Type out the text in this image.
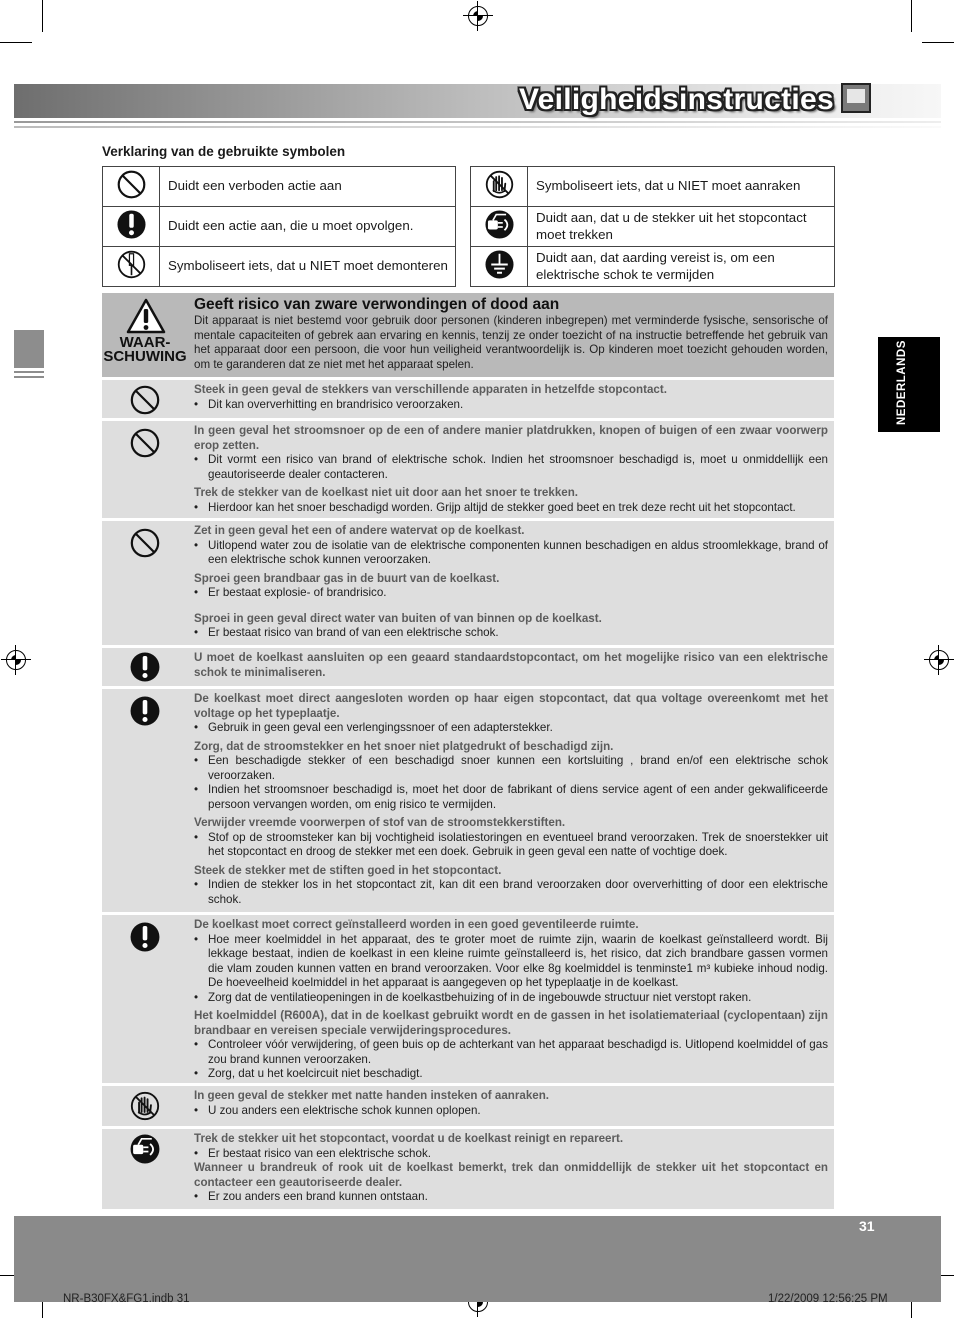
Veiligheidsinstructies
NEDERLANDS
Verklaring van de gebruikte symbolen
	Duidt een verboden actie aan
	Duidt een actie aan, die u moet opvolgen.
	Symboliseert iets, dat u NIET moet demonteren
	Symboliseert iets, dat u NIET moet aanraken
	Duidt aan, dat u de stekker uit het stopcontact moet trekken
	Duidt aan, dat aarding vereist is, om een elektrische schok te vermijden
WAAR-
SCHUWING
Geeft risico van zware verwondingen of dood aan
Dit apparaat is niet bestemd voor gebruik door personen (kinderen inbegrepen) met verminderde fysische, sensorische of mentale capaciteiten of gebrek aan ervaring en kennis, tenzij ze onder toezicht of na instructie betreffende het gebruik van het apparaat door een persoon, die voor hun veiligheid verantwoordelijk is. Op kinderen moet toezicht gehouden worden, om te garanderen dat ze niet met het apparaat spelen.
Steek in geen geval de stekkers van verschillende apparaten in hetzelfde stopcontact.
• Dit kan oververhitting en brandrisico veroorzaken.
In geen geval het stroomsnoer op de een of andere manier platdrukken, knopen of buigen of een zwaar voorwerp erop zetten.
• Dit vormt een risico van brand of elektrische schok. Indien het stroomsnoer beschadigd is, moet u onmiddellijk een geautoriseerde dealer contacteren.
Trek de stekker van de koelkast niet uit door aan het snoer te trekken.
• Hierdoor kan het snoer beschadigd worden. Grijp altijd de stekker goed beet en trek deze recht uit het stopcontact.
Zet in geen geval het een of andere watervat op de koelkast.
• Uitlopend water zou de isolatie van de elektrische componenten kunnen beschadigen en aldus stroomlekkage, brand of een elektrische schok kunnen veroorzaken.
Sproei geen brandbaar gas in de buurt van de koelkast.
• Er bestaat explosie- of brandrisico.
Sproei in geen geval direct water van buiten of van binnen op de koelkast.
• Er bestaat risico van brand of van een elektrische schok.
U moet de koelkast aansluiten op een geaard standaardstopcontact, om het mogelijke risico van een elektrische schok te minimaliseren.
De koelkast moet direct aangesloten worden op haar eigen stopcontact, dat qua voltage overeenkomt met het voltage op het typeplaatje.
• Gebruik in geen geval een verlengingssnoer of een adapterstekker.
Zorg, dat de stroomstekker en het snoer niet platgedrukt of beschadigd zijn.
• Een beschadigde stekker of een beschadigd snoer kunnen een kortsluiting , brand en/of een elektrische schok veroorzaken.
• Indien het stroomsnoer beschadigd is, moet het door de fabrikant of diens service agent of een ander gekwalificeerde persoon vervangen worden, om enig risico te vermijden.
Verwijder vreemde voorwerpen of stof van de stroomstekkerstiften.
• Stof op de stroomsteker kan bij vochtigheid isolatiestoringen en eventueel brand veroorzaken. Trek de snoerstekker uit het stopcontact en droog de stekker met een doek. Gebruik in geen geval een natte of vochtige doek.
Steek de stekker met de stiften goed in het stopcontact.
• Indien de stekker los in het stopcontact zit, kan dit een brand veroorzaken door oververhitting of door een elektrische schok.
De koelkast moet correct geïnstalleerd worden in een goed geventileerde ruimte.
• Hoe meer koelmiddel in het apparaat, des te groter moet de ruimte zijn, waarin de koelkast geïnstalleerd wordt. Bij lekkage bestaat, indien de koelkast in een kleine ruimte geïnstalleerd is, het risico, dat zich brandbare gassen vormen die vlam zouden kunnen vatten en brand veroorzaken. Voor elke 8g koelmiddel is tenminste1 m³ kubieke inhoud nodig. De hoeveelheid koelmiddel in het apparaat is aangegeven op het typeplaatje in de koelkast.
• Zorg dat de ventilatieopeningen in de koelkastbehuizing of in de ingebouwde structuur niet verstopt raken.
Het koelmiddel (R600A), dat in de koelkast gebruikt wordt en de gassen in het isolatiemateriaal (cyclopentaan) zijn brandbaar en vereisen speciale verwijderingsprocedures.
• Controleer vóór verwijdering, of geen buis op de achterkant van het apparaat beschadigd is. Uitlopend koelmiddel of gas zou brand kunnen veroorzaken.
• Zorg, dat u het koelcircuit niet beschadigt.
In geen geval de stekker met natte handen insteken of aanraken.
• U zou anders een elektrische schok kunnen oplopen.
Trek de stekker uit het stopcontact, voordat u de koelkast reinigt en repareert.
• Er bestaat risico van een elektrische schok.
Wanneer u brandreuk of rook uit de koelkast bemerkt, trek dan onmiddellijk de stekker uit het stopcontact en contacteer een geautoriseerde dealer.
• Er zou anders een brand kunnen ontstaan.
31
NR-B30FX&FG1.indb 31	1/22/2009 12:56:25 PM
